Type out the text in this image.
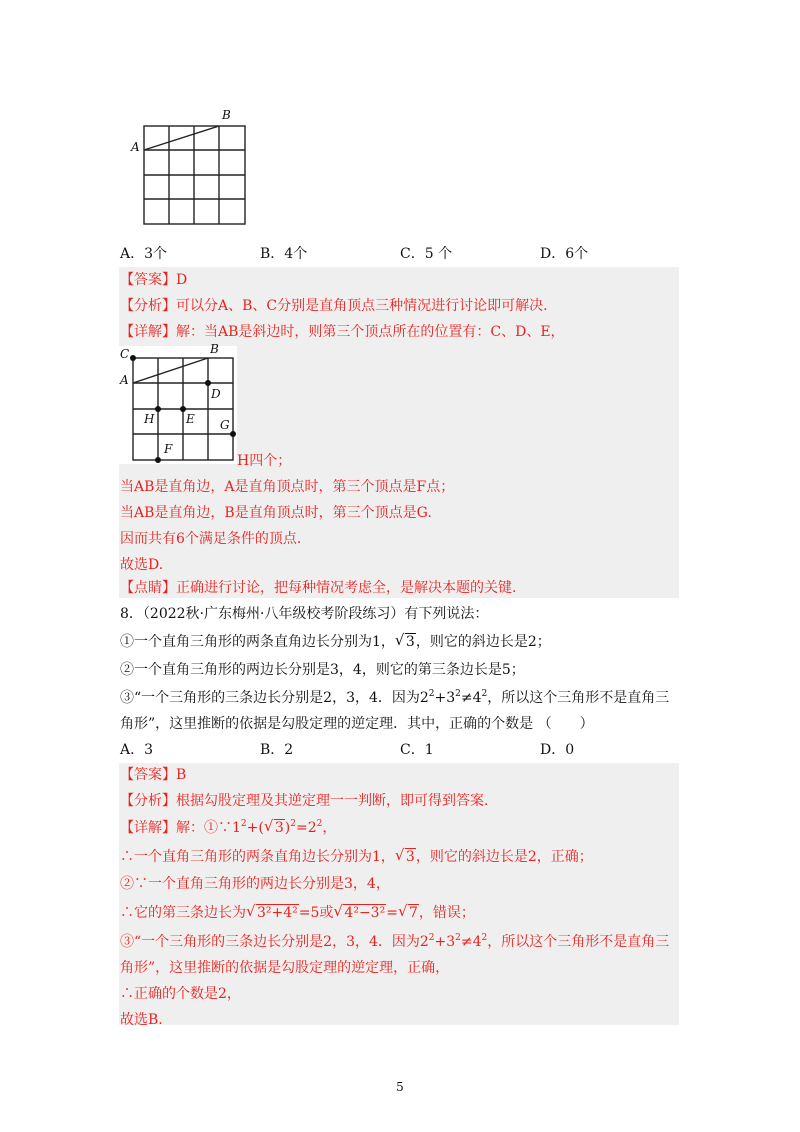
A
B
A．3个	B．4个	C．5 个	D．6个
【答案】D
【分析】可以分A、B、C分别是直角顶点三种情况进行讨论即可解决.
【详解】解：当AB是斜边时，则第三个顶点所在的位置有：C、D、E，
C	B
A
D
H	E G
F
H四个；
当AB是直角边，A是直角顶点时，第三个顶点是F点；
当AB是直角边，B是直角顶点时，第三个顶点是G.
因而共有6个满足条件的顶点.
故选D.
【点睛】正确进行讨论，把每种情况考虑全，是解决本题的关键.
8．（2022秋·广东梅州·八年级校考阶段练习）有下列说法：
①一个直角三角形的两条直角边长分别为1，√ 3，则它的斜边长是2；
②一个直角三角形的两边长分别是3，4，则它的第三条边长是5；
③“一个三角形的三条边长分别是2，3，4．因为$2^2+3^2\ne 4^2$，所以这个三角形不是直角三
角形”，这里推断的依据是勾股定理的逆定理．其中，正确的个数是 （　　）
A．3	B．2	C．1	D．0
【答案】B
【分析】根据勾股定理及其逆定理一一判断，即可得到答案.
【详解】解：$①\because 1^2+(√$ $3)^2=2^2$，
∴一个直角三角形的两条直角边长分别为1，√ 3，则它的斜边长是2，正确；
②∵一个直角三角形的两边长分别是3，4，
∴它的第三条边长为√ 3²+4²=5或√ 4²−3²=√ 7，错误；
③“一个三角形的三条边长分别是2，3，4．因为$2^2+3^2\ne 4^2$，所以这个三角形不是直角三
角形”，这里推断的依据是勾股定理的逆定理，正确，
∴正确的个数是2，
故选B.
5
